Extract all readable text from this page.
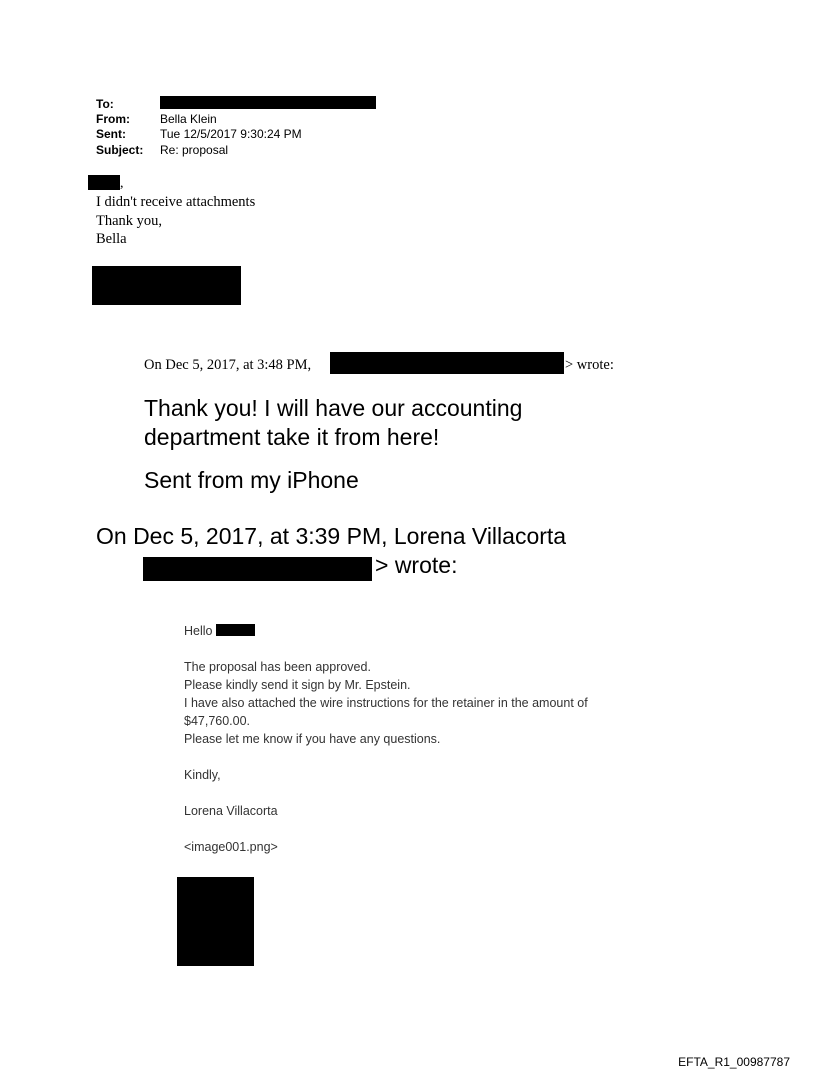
To:
From:	Bella Klein
Sent:	Tue 12/5/2017 9:30:24 PM
Subject: Re: proposal
,
I didn't receive attachments
Thank you,
Bella
On Dec 5, 2017, at 3:48 PM,	> wrote:
Thank you! I will have our accounting
department take it from here!
Sent from my iPhone
On Dec 5, 2017, at 3:39 PM, Lorena Villacorta
> wrote:
Hello
The proposal has been approved.
Please kindly send it sign by Mr. Epstein.
I have also attached the wire instructions for the retainer in the amount of
$47,760.00.
Please let me know if you have any questions.
Kindly,
Lorena Villacorta
<image001.png>
EFTA_R1_00987787
